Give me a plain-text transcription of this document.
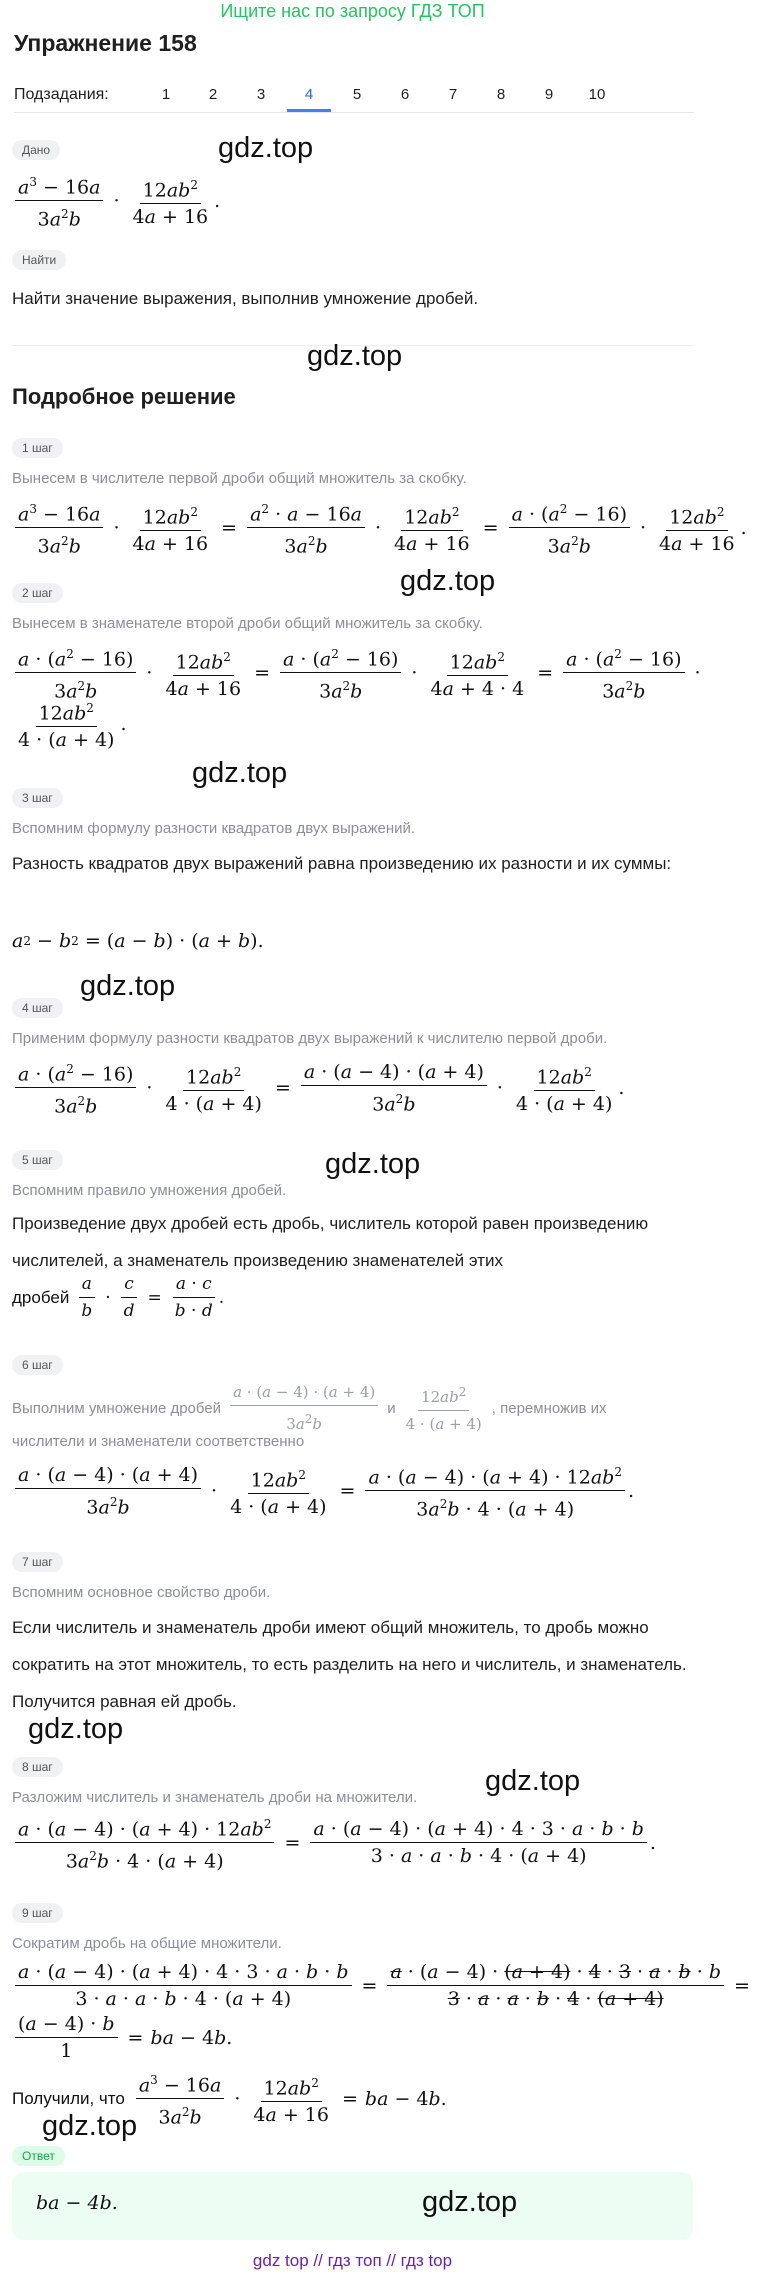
Ищите нас по запросу ГДЗ ТОП
Упражнение 158
Подзадания:	1	2	3	4	5	6	7	8	9	10
Дано	gdz.top
$a^3 - 16a$
$3a^2b$
· $12ab^2$
4a + 16
.
Найти
Найти значение выражения, выполнив умножение дробей.
gdz.top
Подробное решение
1 шаг
Вынесем в числителе первой дроби общий множитель за скобку.
$a^3 - 16a$
$3a^2b$
· $\frac{12ab^2}{4a + 16} = \frac{a^2 \cdot a - 16a}{3a^2b} \cdot \frac{12ab^2}{4a + 16} = \frac{a \cdot (a^2 - 16)}{3a^2b} \cdot 12ab^2$
4a + 16
.
gdz.top
2 шаг
Вынесем в знаменателе второй дроби общий множитель за скобку.
$a \cdot (a^2 - 16)$
$3a^2b$
· $\frac{12ab^2}{4a + 16} = \frac{a \cdot (a^2 - 16)}{3a^2b} \cdot \frac{12ab^2}{4a + 4 \cdot 4} = \frac{a \cdot (a^2 - 16)}{3a^2b}$ ·
$12ab^2$
4 · (a + 4)
.
gdz.top
3 шаг
Вспомним формулу разности квадратов двух выражений.
Разность квадратов двух выражений равна произведению их разности и их суммы:
a 2 − b 2 = ( a − b ) · ( a + b ).
gdz.top
4 шаг
Применим формулу разности квадратов двух выражений к числителю первой дроби.
$a \cdot (a^2 - 16)$
$3a^2b$
· $\frac{12ab^2}{4 \cdot (a + 4)} = \frac{a \cdot (a - 4) \cdot (a + 4)}{3a^2b} \cdot 12ab^2$
4 · (a + 4)
.
gdz.top
5 шаг
Вспомним правило умножения дробей.
Произведение двух дробей есть дробь, числитель которой равен произведению числителей, а знаменатель произведению знаменателей этих
дробей
a
b
· $\frac{c}{d} = \frac{a \cdot c}{b \cdot d}$ .
6 шаг
Выполним умножение дробей
a · (a − 4) · (a + 4)
$3a^2b$
и
$12ab^2$
4 · (a + 4)
, перемножив их
числители и знаменатели соответственно
a · (a − 4) · (a + 4)
$3a^2b$
· $\frac{12ab^2}{4 \cdot (a + 4)} = \frac{a \cdot (a - 4) \cdot (a + 4) \cdot 12ab^2}{3a^2b \cdot 4 \cdot (a + 4)}$ .
7 шаг
Вспомним основное свойство дроби.
Если числитель и знаменатель дроби имеют общий множитель, то дробь можно сократить на этот множитель, то есть разделить на него и числитель, и знаменатель. Получится равная ей дробь.
gdz.top
gdz.top
8 шаг
Разложим числитель и знаменатель дроби на множители.
$\frac{a \cdot (a - 4) \cdot (a + 4) \cdot 12ab^2}{3a^2b \cdot 4 \cdot (a + 4)} = \frac{a \cdot (a - 4) \cdot (a + 4) \cdot 4 \cdot 3 \cdot a \cdot b \cdot b}{3 \cdot a \cdot a \cdot b \cdot 4 \cdot (a + 4)}$ .
9 шаг
Сократим дробь на общие множители.
$\frac{a \cdot (a - 4) \cdot (a + 4) \cdot 4 \cdot 3 \cdot a \cdot b \cdot b}{3 \cdot a \cdot a \cdot b \cdot 4 \cdot (a + 4)} = \frac{a \cdot (a - 4) \cdot (a + 4) \cdot 4 \cdot 3 \cdot a \cdot b \cdot b}{3 \cdot a \cdot a \cdot b \cdot 4 \cdot (a + 4)}$ =
$\frac{(a - 4) \cdot b}{1}$ = ba − 4 b .
Получили, что
$a^3 - 16a$
$3a^2b$
· $\frac{12ab^2}{4a + 16}$ = ba − 4 b .
gdz.top
Ответ
ba − 4b.	gdz.top
gdz top // гдз топ // гдз top
